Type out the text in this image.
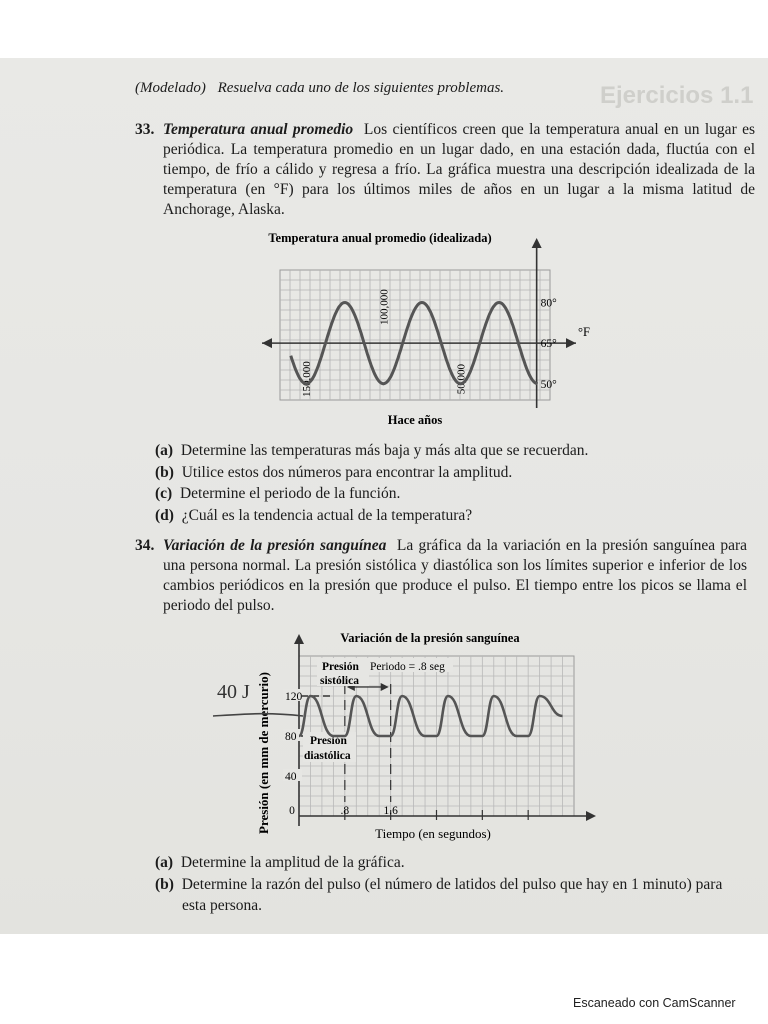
Ejercicios 1.1
(Modelado) Resuelva cada uno de los siguientes problemas.
33. Temperatura anual promedio Los científicos creen que la temperatura anual en un lugar es periódica. La temperatura promedio en un lugar dado, en una estación dada, fluctúa con el tiempo, de frío a cálido y regresa a frío. La gráfica muestra una descripción idealizada de la temperatura (en °F) para los últimos miles de años en un lugar a la misma latitud de Anchorage, Alaska.
Temperatura anual promedio (idealizada)
80°
65°
50°
150,000
100,000
50,000
Hace años
°F
(a) Determine las temperaturas más baja y más alta que se recuerdan.
(b) Utilice estos dos números para encontrar la amplitud.
(c) Determine el periodo de la función.
(d) ¿Cuál es la tendencia actual de la temperatura?
34. Variación de la presión sanguínea La gráfica da la variación en la presión sanguínea para una persona normal. La presión sistólica y diastólica son los límites superior e inferior de los cambios periódicos en la presión que produce el pulso. El tiempo entre los picos se llama el periodo del pulso.
Variación de la presión sanguínea
120
80
40
0	.8	1.6
Presión
sistólica
Presión
diastólica
Periodo = .8 seg
Tiempo (en segundos)
Presión (en mm de mercurio)
40 J
(a) Determine la amplitud de la gráfica.
(b) Determine la razón del pulso (el número de latidos del pulso que hay en 1 minuto) para esta persona.
Escaneado con CamScanner
